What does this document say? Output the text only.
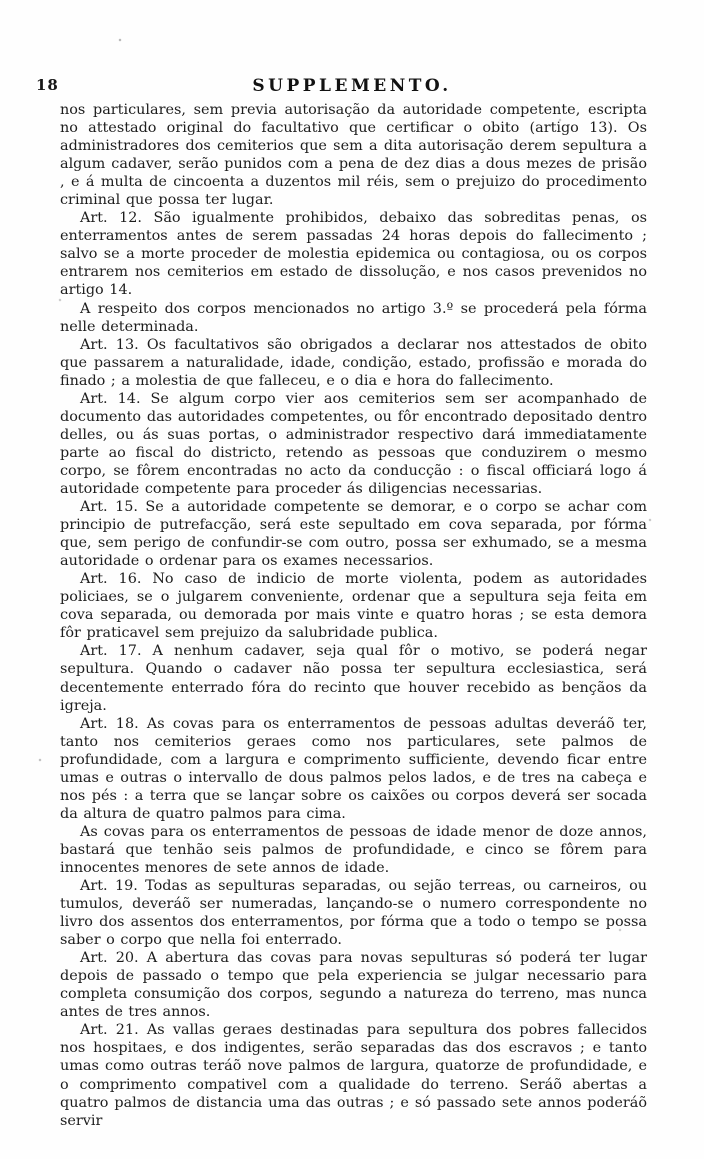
18	SUPPLEMENTO.

nos particulares, sem previa autorisação da autoridade competente, escripta no attestado original do facultativo que certificar o obito (artigo 13). Os administradores dos cemiterios que sem a dita autorisação derem sepultura a algum cadaver, serão punidos com a pena de dez dias a dous mezes de prisão , e á multa de cincoenta a duzentos mil réis, sem o prejuizo do procedimento criminal que possa ter lugar.

Art. 12. São igualmente prohibidos, debaixo das sobreditas penas, os enterramentos antes de serem passadas 24 horas depois do fallecimento ; salvo se a morte proceder de molestia epidemica ou contagiosa, ou os corpos entrarem nos cemiterios em estado de dissolução, e nos casos prevenidos no artigo 14.

A respeito dos corpos mencionados no artigo 3.º se procederá pela fórma nelle determinada.

Art. 13. Os facultativos são obrigados a declarar nos attestados de obito que passarem a naturalidade, idade, condição, estado, profissão e morada do finado ; a molestia de que falleceu, e o dia e hora do fallecimento.

Art. 14. Se algum corpo vier aos cemiterios sem ser acompanhado de documento das autoridades competentes, ou fôr encontrado depositado dentro delles, ou ás suas portas, o administrador respectivo dará immediatamente parte ao fiscal do districto, retendo as pessoas que conduzirem o mesmo corpo, se fôrem encontradas no acto da conducção : o fiscal officiará logo á autoridade competente para proceder ás diligencias necessarias.

Art. 15. Se a autoridade competente se demorar, e o corpo se achar com principio de putrefacção, será este sepultado em cova separada, por fórma que, sem perigo de confundir-se com outro, possa ser exhumado, se a mesma autoridade o ordenar para os exames necessarios.

Art. 16. No caso de indicio de morte violenta, podem as autoridades policiaes, se o julgarem conveniente, ordenar que a sepultura seja feita em cova separada, ou demorada por mais vinte e quatro horas ; se esta demora fôr praticavel sem prejuizo da salubridade publica.

Art. 17. A nenhum cadaver, seja qual fôr o motivo, se poderá negar sepultura. Quando o cadaver não possa ter sepultura ecclesiastica, será decentemente enterrado fóra do recinto que houver recebido as bençãos da igreja.

Art. 18. As covas para os enterramentos de pessoas adultas deveráõ ter, tanto nos cemiterios geraes como nos particulares, sete palmos de profundidade, com a largura e comprimento sufficiente, devendo ficar entre umas e outras o intervallo de dous palmos pelos lados, e de tres na cabeça e nos pés : a terra que se lançar sobre os caixões ou corpos deverá ser socada da altura de quatro palmos para cima.

As covas para os enterramentos de pessoas de idade menor de doze annos, bastará que tenhão seis palmos de profundidade, e cinco se fôrem para innocentes menores de sete annos de idade.

Art. 19. Todas as sepulturas separadas, ou sejão terreas, ou carneiros, ou tumulos, deveráõ ser numeradas, lançando-se o numero correspondente no livro dos assentos dos enterramentos, por fórma que a todo o tempo se possa saber o corpo que nella foi enterrado.

Art. 20. A abertura das covas para novas sepulturas só poderá ter lugar depois de passado o tempo que pela experiencia se julgar necessario para completa consumição dos corpos, segundo a natureza do terreno, mas nunca antes de tres annos.

Art. 21. As vallas geraes destinadas para sepultura dos pobres fallecidos nos hospitaes, e dos indigentes, serão separadas das dos escravos ; e tanto umas como outras teráõ nove palmos de largura, quatorze de profundidade, e o comprimento compativel com a qualidade do terreno. Seráõ abertas a quatro palmos de distancia uma das outras ; e só passado sete annos poderáõ servir
